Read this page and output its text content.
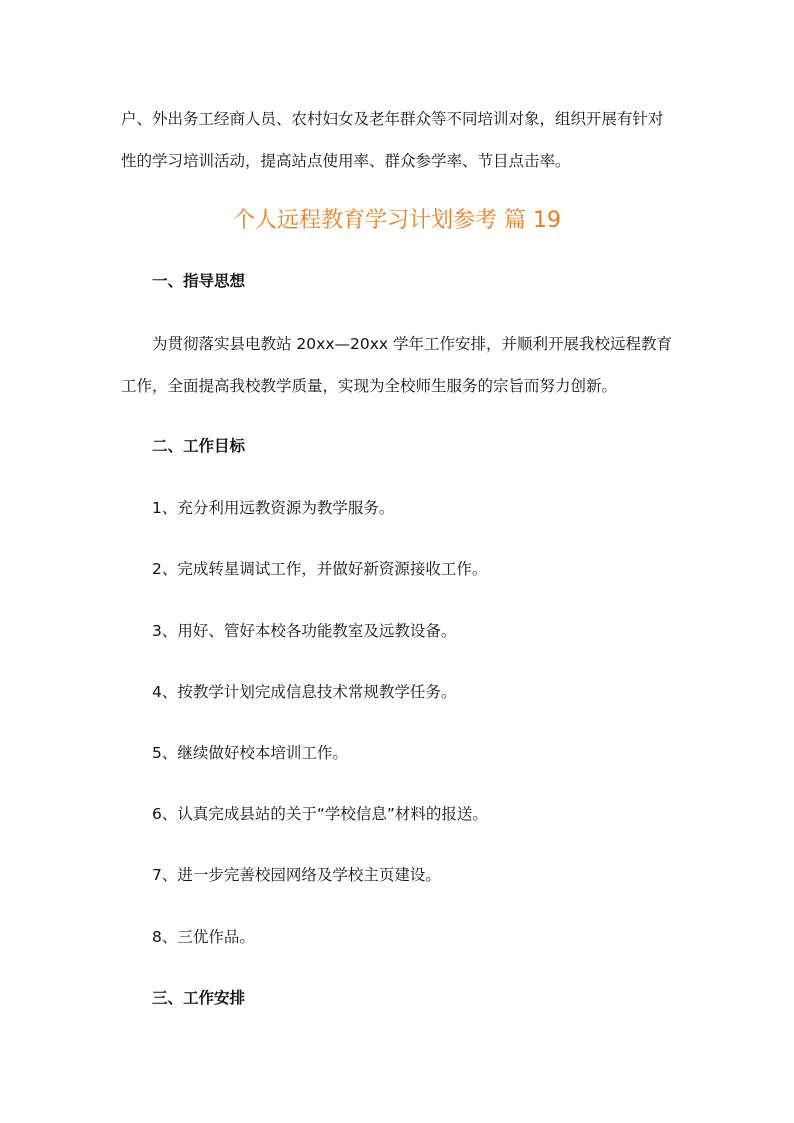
户、外出务工经商人员、农村妇女及老年群众等不同培训对象，组织开展有针对
性的学习培训活动，提高站点使用率、群众参学率、节目点击率。
个人远程教育学习计划参考 篇 19
一、指导思想
为贯彻落实县电教站 20xx—20xx 学年工作安排，并顺利开展我校远程教育
工作，全面提高我校教学质量，实现为全校师生服务的宗旨而努力创新。
二、工作目标
1、充分利用远教资源为教学服务。
2、完成转星调试工作，并做好新资源接收工作。
3、用好、管好本校各功能教室及远教设备。
4、按教学计划完成信息技术常规教学任务。
5、继续做好校本培训工作。
6、认真完成县站的关于“学校信息”材料的报送。
7、进一步完善校园网络及学校主页建设。
8、三优作品。
三、工作安排
